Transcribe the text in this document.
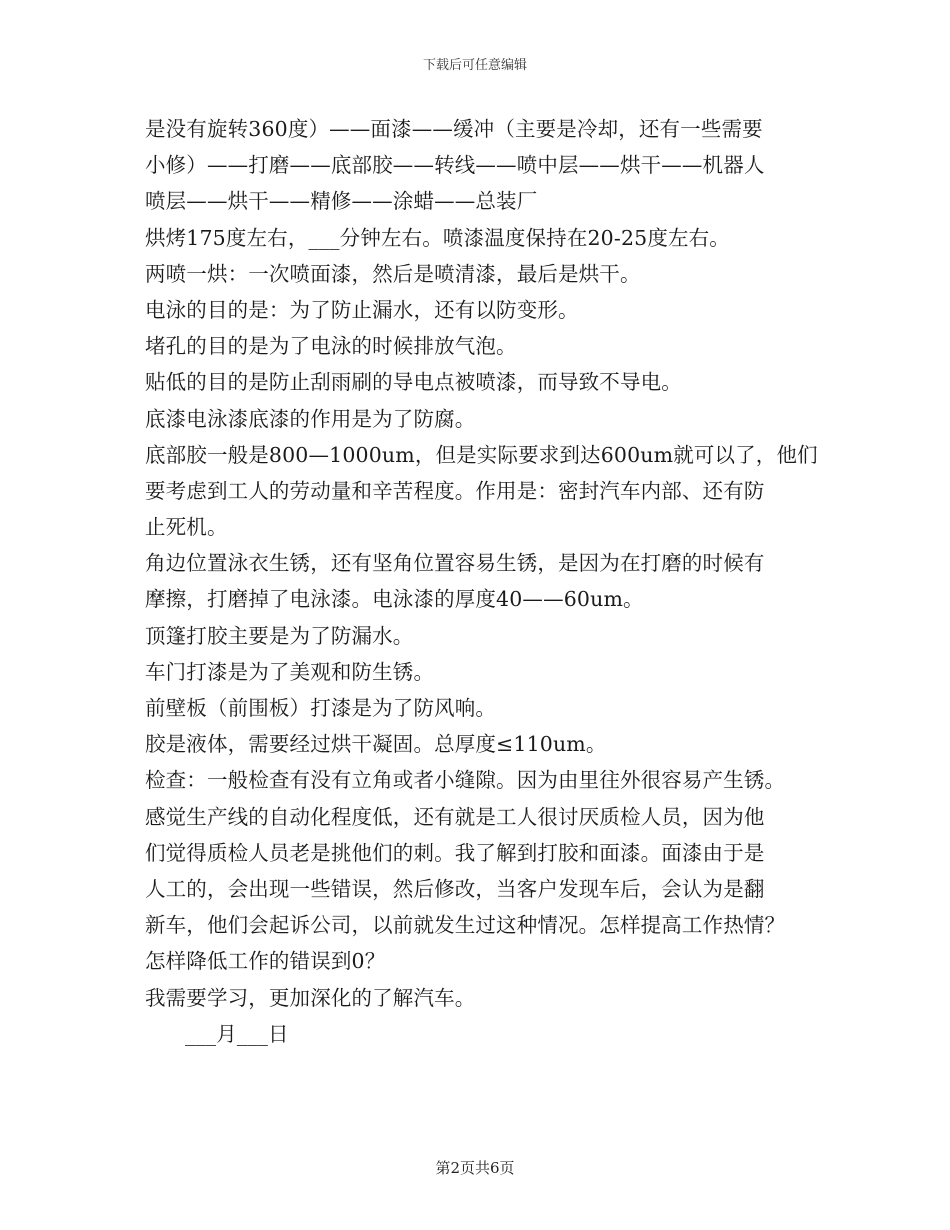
下载后可任意编辑
是没有旋转360度）——面漆——缓冲（主要是冷却，还有一些需要
小修）——打磨——底部胶——转线——喷中层——烘干——机器人
喷层——烘干——精修——涂蜡——总装厂
烘烤175度左右，___分钟左右。喷漆温度保持在20-25度左右。
两喷一烘：一次喷面漆，然后是喷清漆，最后是烘干。
电泳的目的是：为了防止漏水，还有以防变形。
堵孔的目的是为了电泳的时候排放气泡。
贴低的目的是防止刮雨刷的导电点被喷漆，而导致不导电。
底漆电泳漆底漆的作用是为了防腐。
底部胶一般是800—1000um，但是实际要求到达600um就可以了，他们
要考虑到工人的劳动量和辛苦程度。作用是：密封汽车内部、还有防
止死机。
角边位置泳衣生锈，还有坚角位置容易生锈，是因为在打磨的时候有
摩擦，打磨掉了电泳漆。电泳漆的厚度40——60um。
顶篷打胶主要是为了防漏水。
车门打漆是为了美观和防生锈。
前壁板（前围板）打漆是为了防风响。
胶是液体，需要经过烘干凝固。总厚度≤110um。
检查：一般检查有没有立角或者小缝隙。因为由里往外很容易产生锈。
感觉生产线的自动化程度低，还有就是工人很讨厌质检人员，因为他
们觉得质检人员老是挑他们的刺。我了解到打胶和面漆。面漆由于是
人工的，会出现一些错误，然后修改，当客户发现车后，会认为是翻
新车，他们会起诉公司，以前就发生过这种情况。怎样提高工作热情？
怎样降低工作的错误到0？
我需要学习，更加深化的了解汽车。
___月___日
第2页共6页
